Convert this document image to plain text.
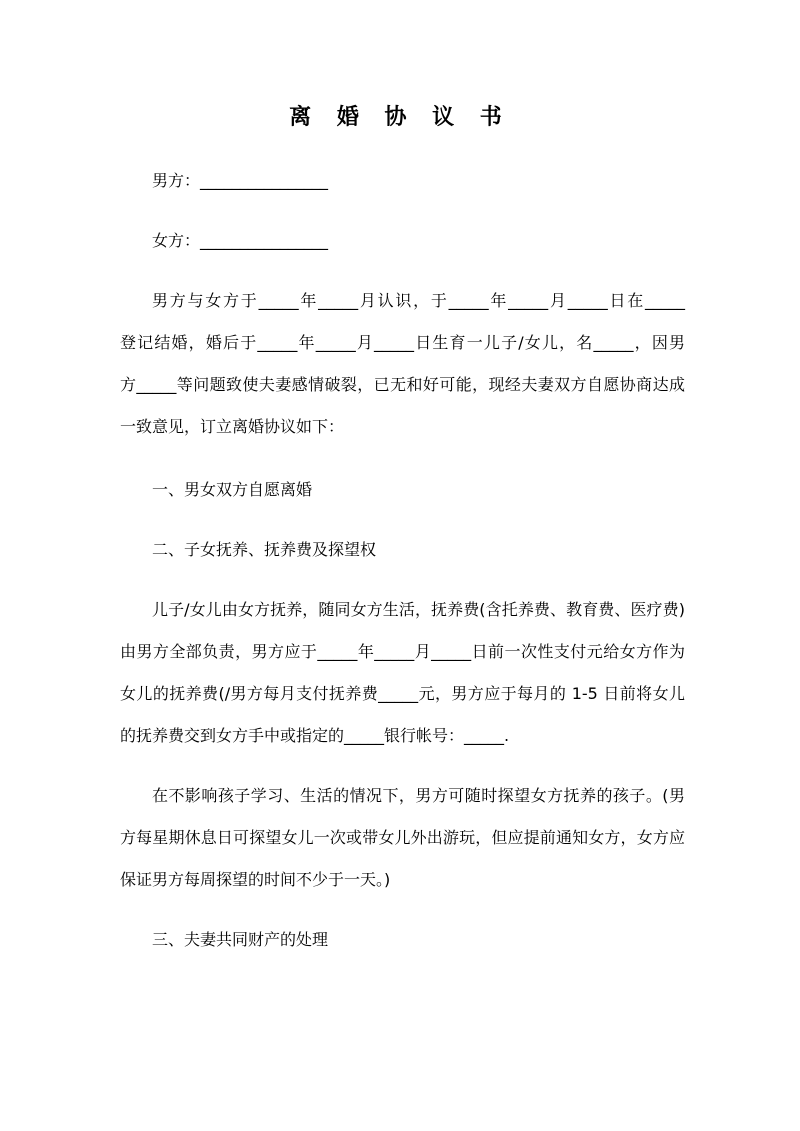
离 婚 协 议 书
男方：________________
女方：________________
男方与女方于_____年_____月认识，于_____年_____月_____日在_____
登记结婚，婚后于_____年_____月_____日生育一儿子/女儿，名_____，因男
方_____等问题致使夫妻感情破裂，已无和好可能，现经夫妻双方自愿协商达成
一致意见，订立离婚协议如下：
一、男女双方自愿离婚
二、子女抚养、抚养费及探望权
儿子/女儿由女方抚养，随同女方生活，抚养费(含托养费、教育费、医疗费)
由男方全部负责，男方应于_____年_____月_____日前一次性支付元给女方作为
女儿的抚养费(/男方每月支付抚养费_____元，男方应于每月的 1-5 日前将女儿
的抚养费交到女方手中或指定的_____银行帐号：_____.
在不影响孩子学习、生活的情况下，男方可随时探望女方抚养的孩子。(男
方每星期休息日可探望女儿一次或带女儿外出游玩，但应提前通知女方，女方应
保证男方每周探望的时间不少于一天。)
三、夫妻共同财产的处理
